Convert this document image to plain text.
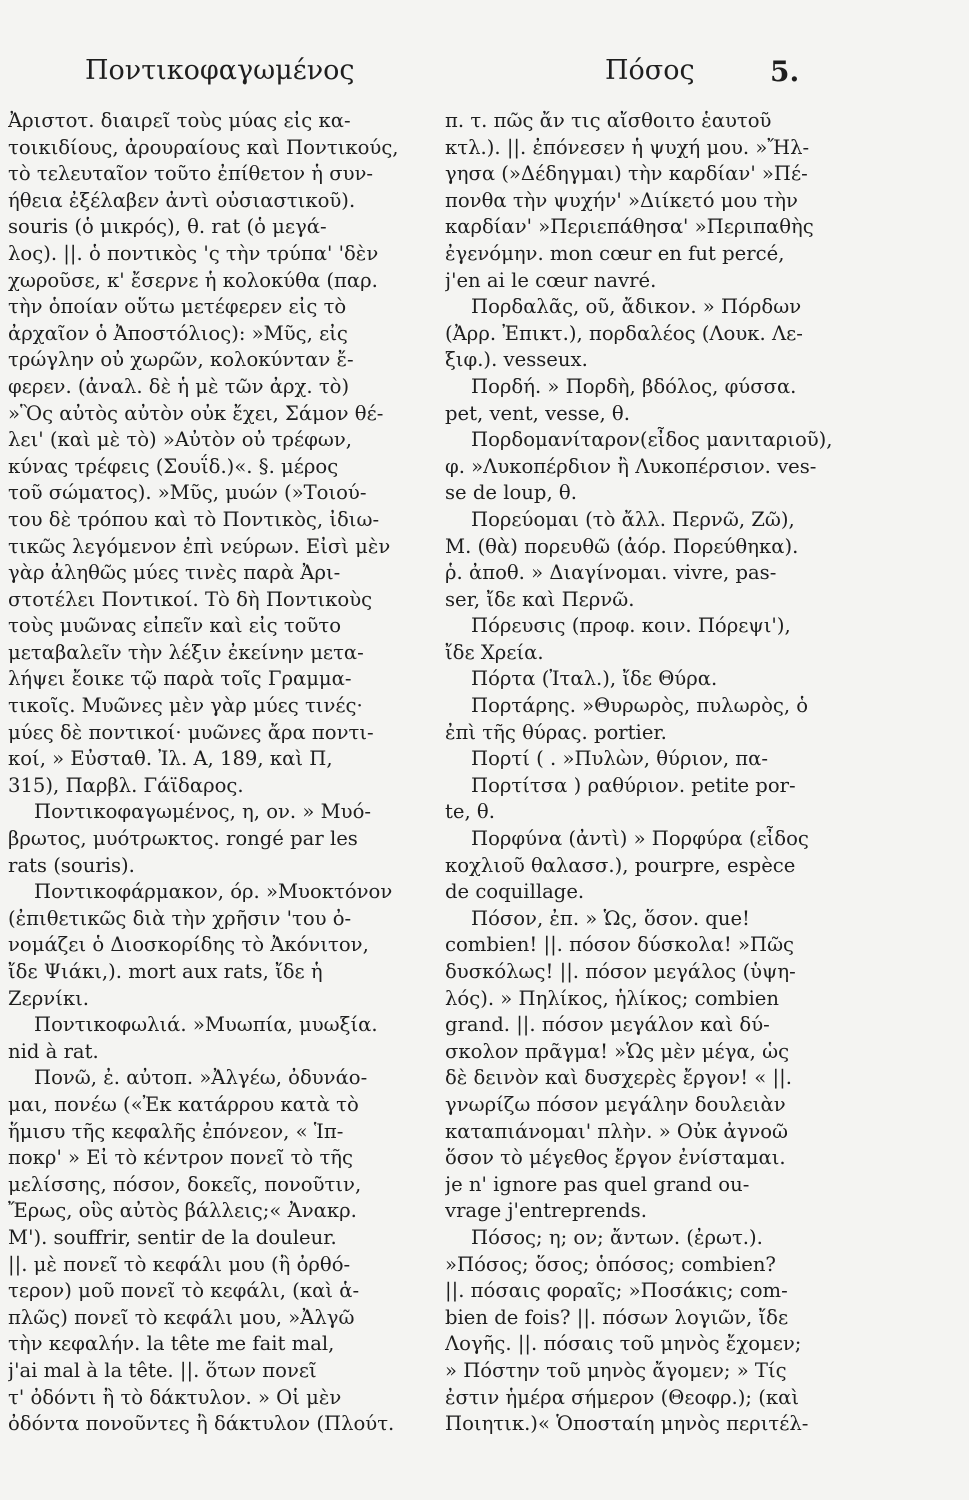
Ποντικοφαγωμένος	Πόσος	5.
Ἀριστοτ. διαιρεῖ τοὺς μύας εἰς κα-
τοικιδίους, ἀρουραίους καὶ Ποντικούς,
τὸ τελευταῖον τοῦτο ἐπίθετον ἡ συν-
ήθεια ἐξέλαβεν ἀντὶ οὐσιαστικοῦ).
souris (ὁ μικρός), θ. rat (ὁ μεγά-
λος). ||. ὁ ποντικὸς 'ς τὴν τρύπα' 'δὲν
χωροῦσε, κ' ἔσερνε ἡ κολοκύθα (παρ.
τὴν ὁποίαν οὕτω μετέφερεν εἰς τὸ
ἀρχαῖον ὁ Ἀποστόλιος): »Μῦς, εἰς
τρώγλην οὐ χωρῶν, κολοκύνταν ἔ-
φερεν. (ἀναλ. δὲ ἡ μὲ τῶν ἀρχ. τὸ)
»Ὃς αὐτὸς αὐτὸν οὐκ ἔχει, Σάμον θέ-
λει' (καὶ μὲ τὸ) »Αὐτὸν οὐ τρέφων,
κύνας τρέφεις (Σουΐδ.)«. §. μέρος
τοῦ σώματος). »Μῦς, μυών (»Τοιού-
του δὲ τρόπου καὶ τὸ Ποντικὸς, ἰδιω-
τικῶς λεγόμενον ἐπὶ νεύρων. Εἰσὶ μὲν
γὰρ ἀληθῶς μύες τινὲς παρὰ Ἀρι-
στοτέλει Ποντικοί. Τὸ δὴ Ποντικοὺς
τοὺς μυῶνας εἰπεῖν καὶ εἰς τοῦτο
μεταβαλεῖν τὴν λέξιν ἐκείνην μετα-
λήψει ἔοικε τῷ παρὰ τοῖς Γραμμα-
τικοῖς. Μυῶνες μὲν γὰρ μύες τινές·
μύες δὲ ποντικοί· μυῶνες ἄρα ποντι-
κοί, » Εὐσταθ. Ἰλ. Α, 189, καὶ Π,
315), Παρβλ. Γάϊδαρος.
Ποντικοφαγωμένος, η, ον. » Μυό-
βρωτος, μυότρωκτος. rongé par les
rats (souris).
Ποντικοφάρμακον, όρ. »Μυοκτόνον
(ἐπιθετικῶς διὰ τὴν χρῆσιν 'του ὀ-
νομάζει ὁ Διοσκορίδης τὸ Ἀκόνιτον,
ἴδε Ψιάκι,). mort aux rats, ἴδε ἡ
Ζερνίκι.
Ποντικοφωλιά. »Μυωπία, μυωξία.
nid à rat.
Πονῶ, ἐ. αὐτοπ. »Ἀλγέω, ὀδυνάο-
μαι, πονέω («Ἐκ κατάρρου κατὰ τὸ
ἥμισυ τῆς κεφαλῆς ἐπόνεον, « Ἱπ-
ποκρ' » Εἰ τὸ κέντρον πονεῖ τὸ τῆς
μελίσσης, πόσον, δοκεῖς, πονοῦτιν,
Ἔρως, οὓς αὐτὸς βάλλεις;« Ἀνακρ.
Μ'). souffrir, sentir de la douleur.
||. μὲ πονεῖ τὸ κεφάλι μου (ἢ ὀρθό-
τερον) μοῦ πονεῖ τὸ κεφάλι, (καὶ ἁ-
πλῶς) πονεῖ τὸ κεφάλι μου, »Ἀλγῶ
τὴν κεφαλήν. la tête me fait mal,
j'ai mal à la tête. ||. ὅτων πονεῖ
τ' ὀδόντι ἢ τὸ δάκτυλον. » Οἱ μὲν
ὀδόντα πονοῦντες ἢ δάκτυλον (Πλούτ.
π. τ. πῶς ἄν τις αἴσθοιτο ἑαυτοῦ
κτλ.). ||. ἐπόνεσεν ἡ ψυχή μου. »Ἤλ-
γησα (»Δέδηγμαι) τὴν καρδίαν' »Πέ-
πονθα τὴν ψυχήν' »Διίκετό μου τὴν
καρδίαν' »Περιεπάθησα' »Περιπαθὴς
ἐγενόμην. mon cœur en fut percé,
j'en ai le cœur navré.
Πορδαλᾶς, οῦ, ἄδικον. » Πόρδων
(Ἀρρ. Ἐπικτ.), πορδαλέος (Λουκ. Λε-
ξιφ.). vesseux.
Πορδή. » Πορδὴ, βδόλος, φύσσα.
pet, vent, vesse, θ.
Πορδομανίταρον(εἶδος μανιταριοῦ),
φ. »Λυκοπέρδιον ἢ Λυκοπέρσιον. ves-
se de loup, θ.
Πορεύομαι (τὸ ἄλλ. Περνῶ, Ζῶ),
Μ. (θὰ) πορευθῶ (ἀόρ. Πορεύθηκα).
ῥ. ἀποθ. » Διαγίνομαι. vivre, pas-
ser, ἴδε καὶ Περνῶ.
Πόρευσις (προφ. κοιν. Πόρεψι'),
ἴδε Χρεία.
Πόρτα (Ἰταλ.), ἴδε Θύρα.
Πορτάρης. »Θυρωρὸς, πυλωρὸς, ὁ
ἐπὶ τῆς θύρας. portier.
Πορτί ( . »Πυλὼν, θύριον, πα-
Πορτίτσα ) ραθύριον. petite por-
te, θ.
Πορφύνα (ἀντὶ) » Πορφύρα (εἶδος
κοχλιοῦ θαλασσ.), pourpre, espèce
de coquillage.
Πόσον, ἐπ. » Ὡς, ὅσον. que!
combien! ||. πόσον δύσκολα! »Πῶς
δυσκόλως! ||. πόσον μεγάλος (ὑψη-
λός). » Πηλίκος, ἡλίκος; combien
grand. ||. πόσον μεγάλον καὶ δύ-
σκολον πρᾶγμα! »Ὡς μὲν μέγα, ὡς
δὲ δεινὸν καὶ δυσχερὲς ἔργον! « ||.
γνωρίζω πόσον μεγάλην δουλειὰν
καταπιάνομαι' πλὴν. » Οὐκ ἀγνοῶ
ὅσον τὸ μέγεθος ἔργον ἐνίσταμαι.
je n' ignore pas quel grand ou-
vrage j'entreprends.
Πόσος; η; ον; ἄντων. (ἐρωτ.).
»Πόσος; ὅσος; ὁπόσος; combien?
||. πόσαις φοραῖς; »Ποσάκις; com-
bien de fois? ||. πόσων λογιῶν, ἴδε
Λογῆς. ||. πόσαις τοῦ μηνὸς ἔχομεν;
» Πόστην τοῦ μηνὸς ἄγομεν; » Τίς
ἐστιν ἡμέρα σήμερον (Θεοφρ.); (καὶ
Ποιητικ.)« Ὁποσταίη μηνὸς περιτέλ-
